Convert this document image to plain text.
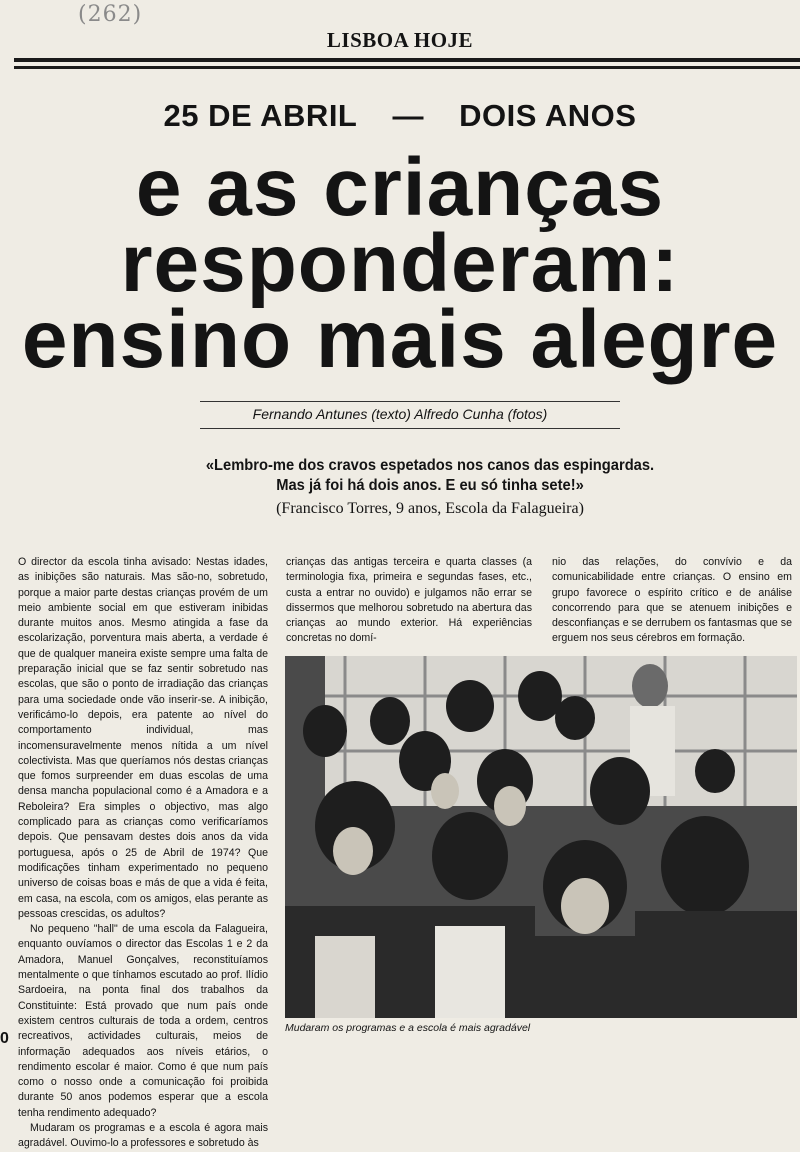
(262)
LISBOA HOJE
25 DE ABRIL — DOIS ANOS
e as crianças
responderam:
ensino mais alegre
Fernando Antunes (texto) Alfredo Cunha (fotos)
«Lembro-me dos cravos espetados nos canos das espingardas.
Mas já foi há dois anos. E eu só tinha sete!»
(Francisco Torres, 9 anos, Escola da Falagueira)

O director da escola tinha avisado: Nestas idades, as inibições são naturais. Mas são-no, sobretudo, porque a maior parte destas crianças provém de um meio ambiente social em que estiveram inibidas durante muitos anos. Mesmo atingida a fase da escolarização, porventura mais aberta, a verdade é que de qualquer maneira existe sempre uma falta de preparação inicial que se faz sentir sobretudo nas escolas, que são o ponto de irradiação das crianças para uma sociedade onde vão inserir-se. A inibição, verificámo-lo depois, era patente ao nível do comportamento individual, mas incomensuravelmente menos nítida a um nível colectivista. Mas que queríamos nós destas crianças que fomos surpreender em duas escolas de uma densa mancha populacional como é a Amadora e a Reboleira? Era simples o objectivo, mas algo complicado para as crianças como verificaríamos depois. Que pensavam destes dois anos da vida portuguesa, após o 25 de Abril de 1974? Que modificações tinham experimentado no pequeno universo de coisas boas e más de que a vida é feita, em casa, na escola, com os amigos, elas perante as pessoas crescidas, os adultos?

No pequeno "hall" de uma escola da Falagueira, enquanto ouvíamos o director das Escolas 1 e 2 da Amadora, Manuel Gonçalves, reconstituíamos mentalmente o que tínhamos escutado ao prof. Ilídio Sardoeira, na ponta final dos trabalhos da Constituinte: Está provado que num país onde existem centros culturais de toda a ordem, centros recreativos, actividades culturais, meios de informação adequados aos níveis etários, o rendimento escolar é maior. Como é que num país como o nosso onde a comunicação foi proibida durante 50 anos podemos esperar que a escola tenha rendimento adequado?

Mudaram os programas e a escola é agora mais agradável. Ouvimo-lo a professores e sobretudo às

crianças das antigas terceira e quarta classes (a terminologia fixa, primeira e segundas fases, etc., custa a entrar no ouvido) e julgamos não errar se dissermos que melhorou sobretudo na abertura das crianças ao mundo exterior. Há experiências concretas no domí-

nio das relações, do convívio e da comunicabilidade entre crianças. O ensino em grupo favorece o espírito crítico e de análise concorrendo para que se atenuem inibições e desconfianças e se derrubem os fantasmas que se erguem nos seus cérebros em formação.

Mudaram os programas e a escola é mais agradável
0
